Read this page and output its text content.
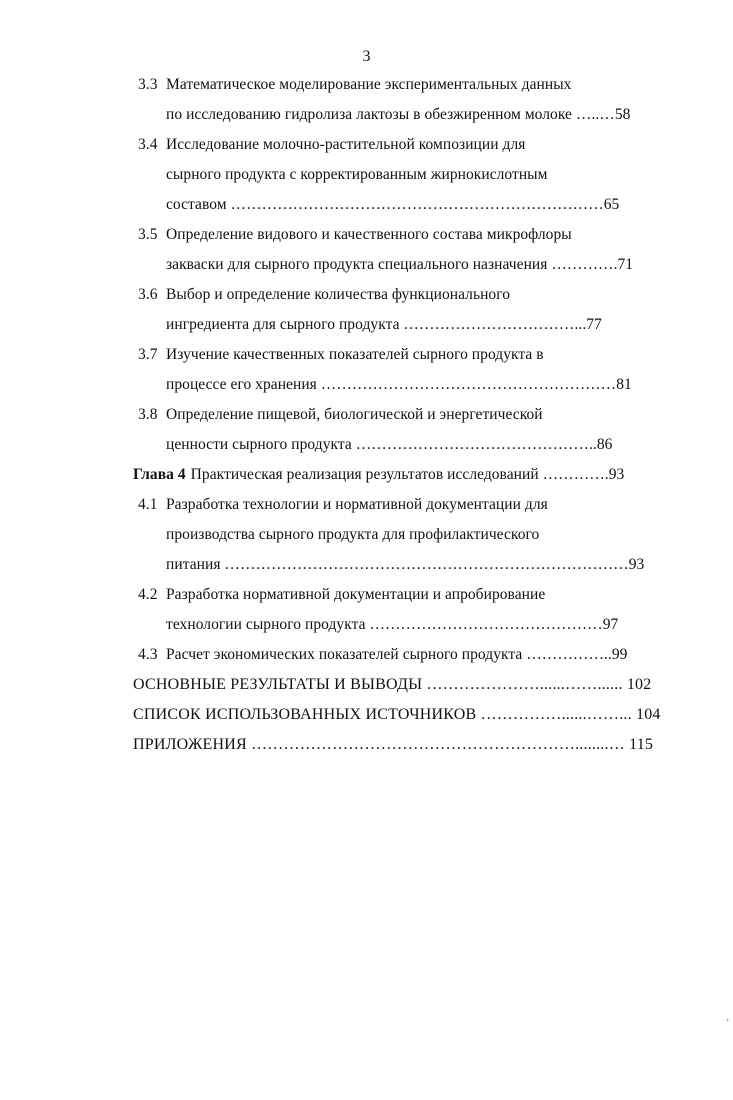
3
3.3 Математическое моделирование экспериментальных данных
по исследованию гидролиза лактозы в обезжиренном молоке …..…58
3.4 Исследование молочно-растительной композиции для
сырного продукта с корректированным жирнокислотным
составом ………………………………………………………………65
3.5 Определение видового и качественного состава микрофлоры
закваски для сырного продукта специального назначения ………….71
3.6 Выбор и определение количества функционального
ингредиента для сырного продукта ……………………………...77
3.7 Изучение качественных показателей сырного продукта в
процессе его хранения …………………………………………………81
3.8 Определение пищевой, биологической и энергетической
ценности сырного продукта ………………………………………..86
Глава 4 Практическая реализация результатов исследований ………….93
4.1 Разработка технологии и нормативной документации для
производства сырного продукта для профилактического
питания ……………………………………………………………………93
4.2 Разработка нормативной документации и апробирование
технологии сырного продукта ………………………………………97
4.3 Расчет экономических показателей сырного продукта ……………..99
ОСНОВНЫЕ РЕЗУЛЬТАТЫ И ВЫВОДЫ …………………......……...... 102
СПИСОК ИСПОЛЬЗОВАННЫХ ИСТОЧНИКОВ ……………......……... 104
ПРИЛОЖЕНИЯ ……………………………………………………........… 115
ʼ
